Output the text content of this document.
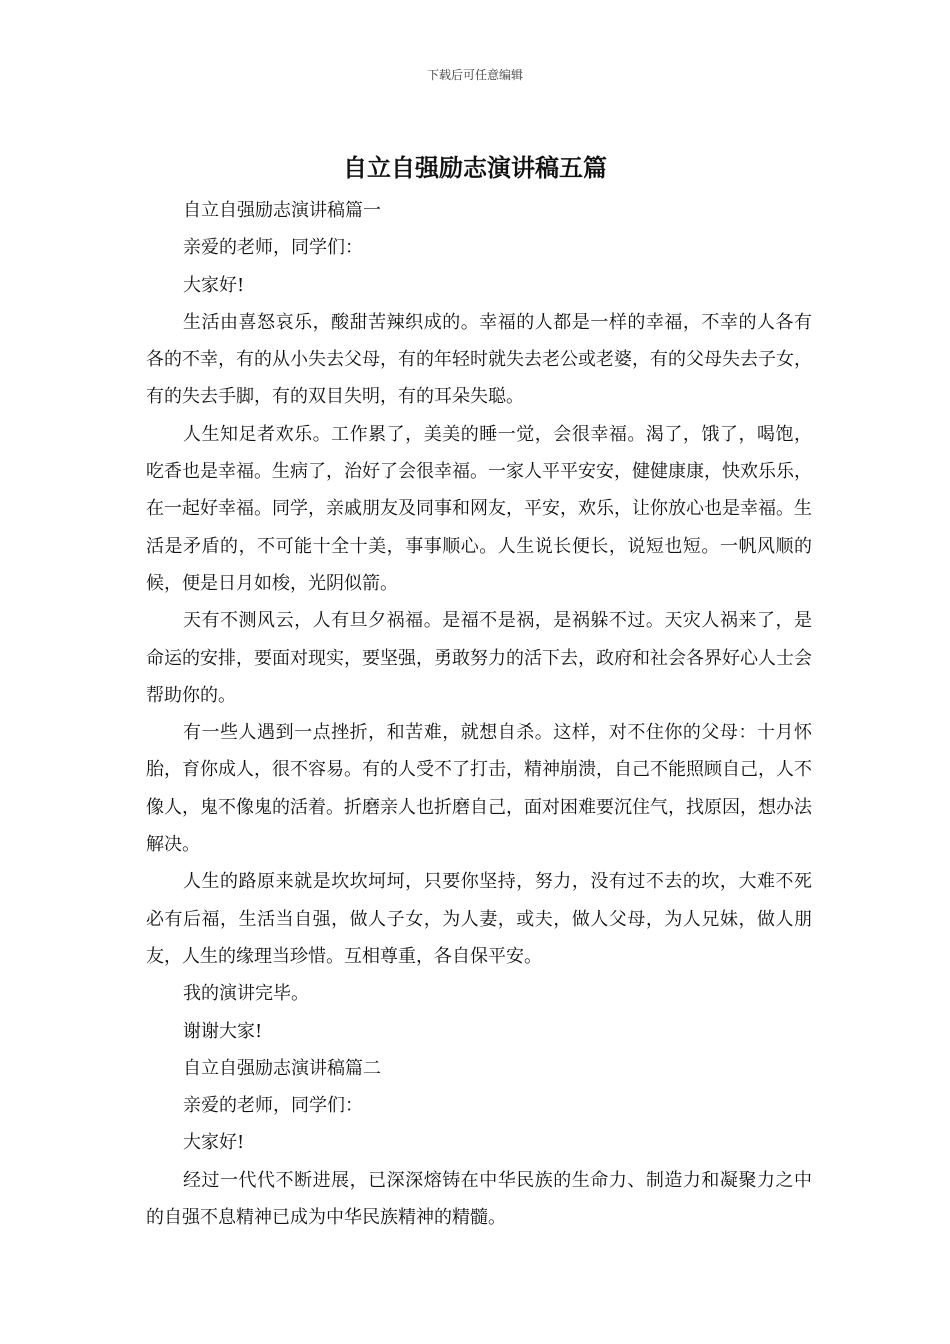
下载后可任意编辑
自立自强励志演讲稿五篇

自立自强励志演讲稿篇一

亲爱的老师，同学们：

大家好!

生活由喜怒哀乐，酸甜苦辣织成的。幸福的人都是一样的幸福，不幸的人各有各的不幸，有的从小失去父母，有的年轻时就失去老公或老婆，有的父母失去子女，有的失去手脚，有的双目失明，有的耳朵失聪。

人生知足者欢乐。工作累了，美美的睡一觉，会很幸福。渴了，饿了，喝饱，吃香也是幸福。生病了，治好了会很幸福。一家人平平安安，健健康康，快欢乐乐，在一起好幸福。同学，亲戚朋友及同事和网友，平安，欢乐，让你放心也是幸福。生活是矛盾的，不可能十全十美，事事顺心。人生说长便长，说短也短。一帆风顺的候，便是日月如梭，光阴似箭。

天有不测风云，人有旦夕祸福。是福不是祸，是祸躲不过。天灾人祸来了，是命运的安排，要面对现实，要坚强，勇敢努力的活下去，政府和社会各界好心人士会帮助你的。

有一些人遇到一点挫折，和苦难，就想自杀。这样，对不住你的父母：十月怀胎，育你成人，很不容易。有的人受不了打击，精神崩溃，自己不能照顾自己，人不像人，鬼不像鬼的活着。折磨亲人也折磨自己，面对困难要沉住气，找原因，想办法解决。

人生的路原来就是坎坎坷坷，只要你坚持，努力，没有过不去的坎，大难不死必有后福，生活当自强，做人子女，为人妻，或夫，做人父母，为人兄妹，做人朋友，人生的缘理当珍惜。互相尊重，各自保平安。

我的演讲完毕。

谢谢大家!

自立自强励志演讲稿篇二

亲爱的老师，同学们：

大家好!

经过一代代不断进展，已深深熔铸在中华民族的生命力、制造力和凝聚力之中的自强不息精神已成为中华民族精神的精髓。
